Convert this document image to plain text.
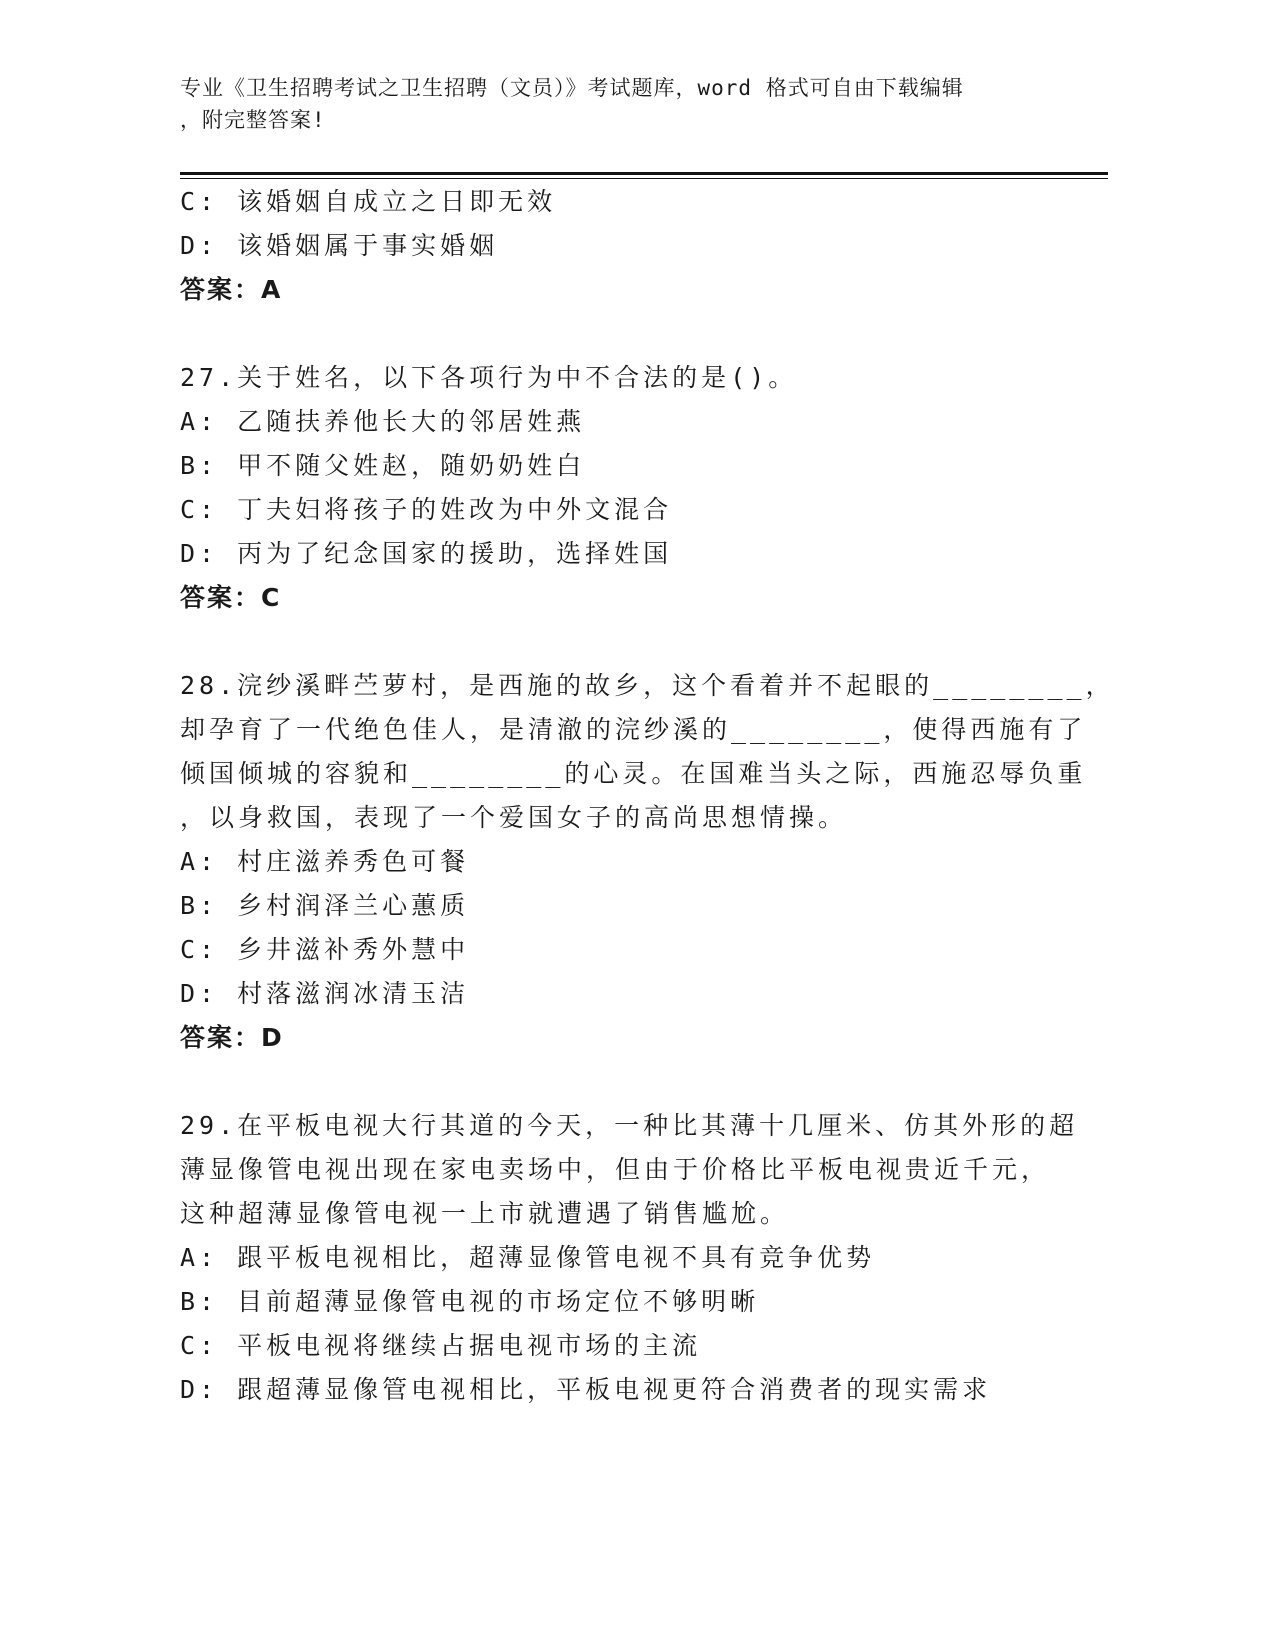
专业《卫生招聘考试之卫生招聘（文员）》考试题库，word 格式可自由下载编辑
，附完整答案!
C: 该婚姻自成立之日即无效
D: 该婚姻属于事实婚姻
答案：A
27.关于姓名，以下各项行为中不合法的是()。
A: 乙随扶养他长大的邻居姓燕
B: 甲不随父姓赵，随奶奶姓白
C: 丁夫妇将孩子的姓改为中外文混合
D: 丙为了纪念国家的援助，选择姓国
答案：C
28.浣纱溪畔苎萝村，是西施的故乡，这个看着并不起眼的________，
却孕育了一代绝色佳人，是清澈的浣纱溪的________，使得西施有了
倾国倾城的容貌和________的心灵。在国难当头之际，西施忍辱负重
，以身救国，表现了一个爱国女子的高尚思想情操。
A: 村庄滋养秀色可餐
B: 乡村润泽兰心蕙质
C: 乡井滋补秀外慧中
D: 村落滋润冰清玉洁
答案：D
29.在平板电视大行其道的今天，一种比其薄十几厘米、仿其外形的超
薄显像管电视出现在家电卖场中，但由于价格比平板电视贵近千元，
这种超薄显像管电视一上市就遭遇了销售尴尬。
A: 跟平板电视相比，超薄显像管电视不具有竞争优势
B: 目前超薄显像管电视的市场定位不够明晰
C: 平板电视将继续占据电视市场的主流
D: 跟超薄显像管电视相比，平板电视更符合消费者的现实需求
